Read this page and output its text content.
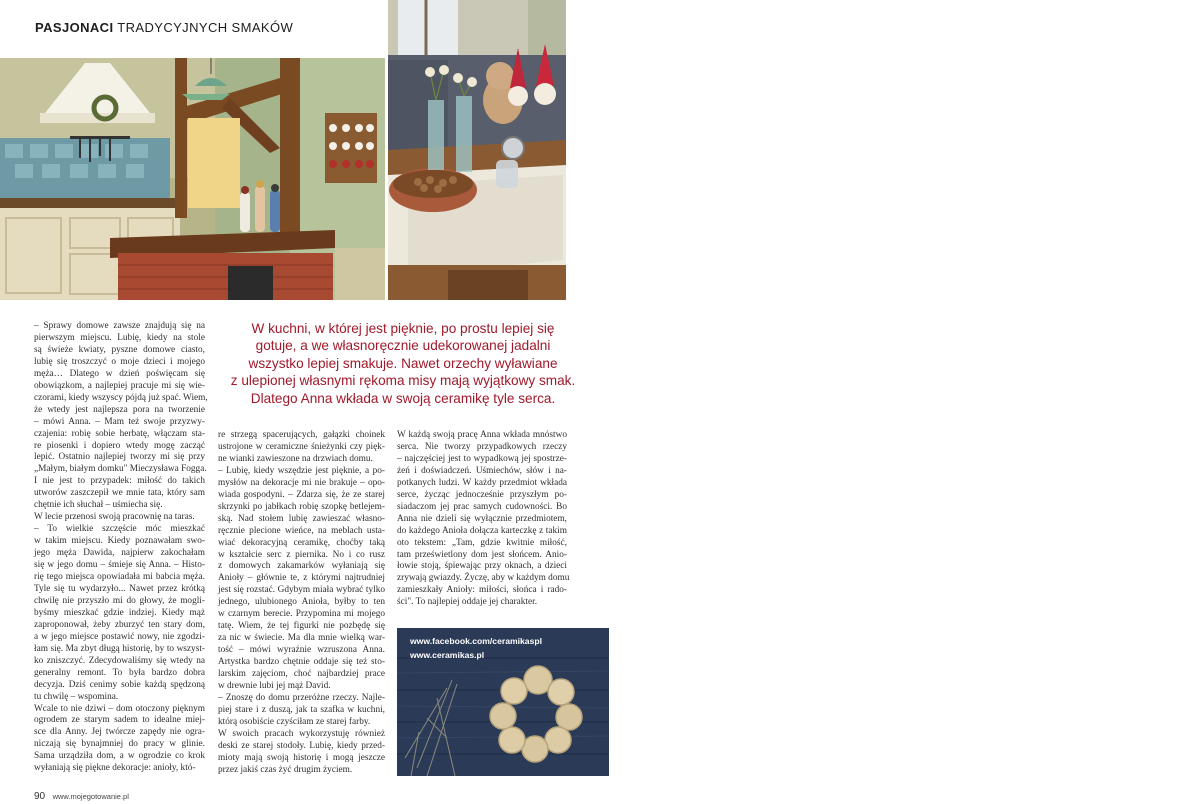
PASJONACI TRADYCYJNYCH SMAKÓW
W kuchni, w której jest pięknie, po prostu lepiej się
gotuje, a we własnoręcznie udekorowanej jadalni
wszystko lepiej smakuje. Nawet orzechy wyławiane
z ulepionej własnymi rękoma misy mają wyjątkowy smak.
Dlatego Anna wkłada w swoją ceramikę tyle serca.
– Sprawy domowe zawsze znajdują się na
pierwszym miejscu. Lubię, kiedy na stole
są świeże kwiaty, pyszne domowe ciasto,
lubię się troszczyć o moje dzieci i mojego
męża… Dlatego w dzień poświęcam się
obowiązkom, a najlepiej pracuje mi się wie-
czorami, kiedy wszyscy pójdą już spać. Wiem,
że wtedy jest najlepsza pora na tworzenie
– mówi Anna. – Mam też swoje przyzwy-
czajenia: robię sobie herbatę, włączam sta-
re piosenki i dopiero wtedy mogę zacząć
lepić. Ostatnio najlepiej tworzy mi się przy
„Małym, białym domku" Mieczysława Fogga.
I nie jest to przypadek: miłość do takich
utworów zaszczepił we mnie tata, który sam
chętnie ich słuchał – uśmiecha się.
W lecie przenosi swoją pracownię na taras.
– To wielkie szczęście móc mieszkać
w takim miejscu. Kiedy poznawałam swo-
jego męża Dawida, najpierw zakochałam
się w jego domu – śmieje się Anna. – Histo-
rię tego miejsca opowiadała mi babcia męża.
Tyle się tu wydarzyło... Nawet przez krótką
chwilę nie przyszło mi do głowy, że mogli-
byśmy mieszkać gdzie indziej. Kiedy mąż
zaproponował, żeby zburzyć ten stary dom,
a w jego miejsce postawić nowy, nie zgodzi-
łam się. Ma zbyt długą historię, by to wszyst-
ko zniszczyć. Zdecydowaliśmy się wtedy na
generalny remont. To była bardzo dobra
decyzja. Dziś cenimy sobie każdą spędzoną
tu chwilę – wspomina.
Wcale to nie dziwi – dom otoczony pięknym
ogrodem ze starym sadem to idealne miej-
sce dla Anny. Jej twórcze zapędy nie ogra-
niczają się bynajmniej do pracy w glinie.
Sama urządziła dom, a w ogrodzie co krok
wyłaniają się piękne dekoracje: anioły, któ-
re strzegą spacerujących, gałązki choinek
ustrojone w ceramiczne śnieżynki czy pięk-
ne wianki zawieszone na drzwiach domu.
– Lubię, kiedy wszędzie jest pięknie, a po-
mysłów na dekoracje mi nie brakuje – opo-
wiada gospodyni. – Zdarza się, że ze starej
skrzynki po jabłkach robię szopkę betlejem-
ską. Nad stołem lubię zawieszać własno-
ręcznie plecione wieńce, na meblach usta-
wiać dekoracyjną ceramikę, choćby taką
w kształcie serc z piernika. No i co rusz
z domowych zakamarków wyłaniają się
Anioły – głównie te, z którymi najtrudniej
jest się rozstać. Gdybym miała wybrać tylko
jednego, ulubionego Anioła, byłby to ten
w czarnym berecie. Przypomina mi mojego
tatę. Wiem, że tej figurki nie pozbędę się
za nic w świecie. Ma dla mnie wielką war-
tość – mówi wyraźnie wzruszona Anna.
Artystka bardzo chętnie oddaje się też sto-
larskim zajęciom, choć najbardziej prace
w drewnie lubi jej mąż David.
– Znoszę do domu przeróżne rzeczy. Najle-
piej stare i z duszą, jak ta szafka w kuchni,
którą osobiście czyściłam ze starej farby.
W swoich pracach wykorzystuję również
deski ze starej stodoły. Lubię, kiedy przed-
mioty mają swoją historię i mogą jeszcze
przez jakiś czas żyć drugim życiem.
W każdą swoją pracę Anna wkłada mnóstwo
serca. Nie tworzy przypadkowych rzeczy
– najczęściej jest to wypadkową jej spostrze-
żeń i doświadczeń. Uśmiechów, słów i na-
potkanych ludzi. W każdy przedmiot wkłada
serce, życząc jednocześnie przyszłym po-
siadaczom jej prac samych cudowności. Bo
Anna nie dzieli się wyłącznie przedmiotem,
do każdego Anioła dołącza karteczkę z takim
oto tekstem: „Tam, gdzie kwitnie miłość,
tam prześwietlony dom jest słońcem. Anio-
łowie stoją, śpiewając przy oknach, a dzieci
zrywają gwiazdy. Życzę, aby w każdym domu
zamieszkały Anioły: miłości, słońca i rado-
ści". To najlepiej oddaje jej charakter.
www.facebook.com/ceramikaspl
www.ceramikas.pl
90 www.mojegotowanie.pl
